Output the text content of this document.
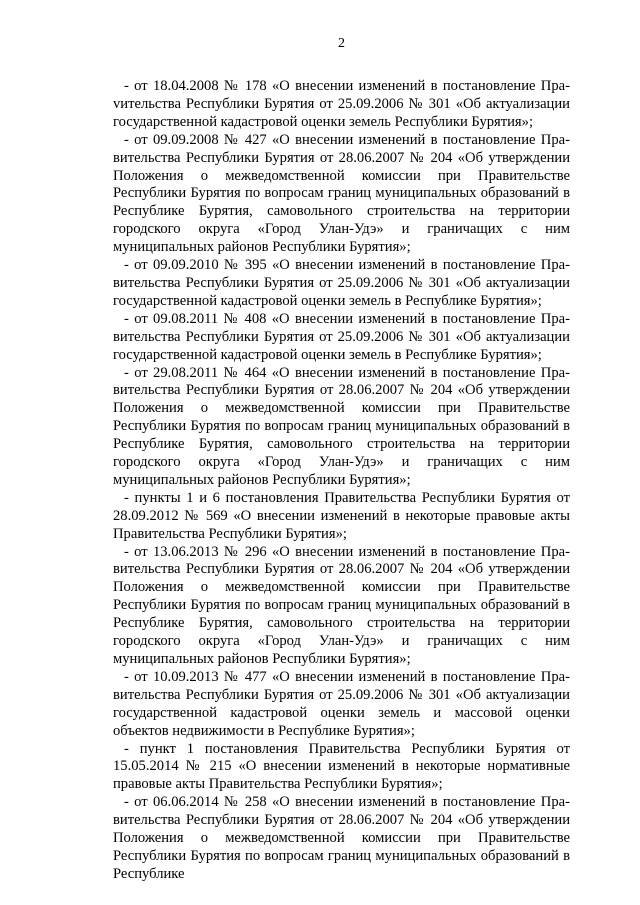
2

- от 18.04.2008 № 178 «О внесении изменений в постановление Праvительства Республики Бурятия от 25.09.2006 № 301 «Об актуализации государственной кадастровой оценки земель Республики Бурятия»;

- от 09.09.2008 № 427 «О внесении изменений в постановление Правительства Республики Бурятия от 28.06.2007 № 204 «Об утверждении Положения о межведомственной комиссии при Правительстве Республики Бурятия по вопросам границ муниципальных образований в Республике Бурятия, самовольного строительства на территории городского округа «Город Улан-Удэ» и граничащих с ним муниципальных районов Республики Бурятия»;

- от 09.09.2010 № 395 «О внесении изменений в постановление Правительства Республики Бурятия от 25.09.2006 № 301 «Об актуализации государственной кадастровой оценки земель в Республике Бурятия»;

- от 09.08.2011 № 408 «О внесении изменений в постановление Правительства Республики Бурятия от 25.09.2006 № 301 «Об актуализации государственной кадастровой оценки земель в Республике Бурятия»;

- от 29.08.2011 № 464 «О внесении изменений в постановление Правительства Республики Бурятия от 28.06.2007 № 204 «Об утверждении Положения о межведомственной комиссии при Правительстве Республики Бурятия по вопросам границ муниципальных образований в Республике Бурятия, самовольного строительства на территории городского округа «Город Улан-Удэ» и граничащих с ним муниципальных районов Республики Бурятия»;

- пункты 1 и 6 постановления Правительства Республики Бурятия от 28.09.2012 № 569 «О внесении изменений в некоторые правовые акты Правительства Республики Бурятия»;

- от 13.06.2013 № 296 «О внесении изменений в постановление Правительства Республики Бурятия от 28.06.2007 № 204 «Об утверждении Положения о межведомственной комиссии при Правительстве Республики Бурятия по вопросам границ муниципальных образований в Республике Бурятия, самовольного строительства на территории городского округа «Город Улан-Удэ» и граничащих с ним муниципальных районов Республики Бурятия»;

- от 10.09.2013 № 477 «О внесении изменений в постановление Правительства Республики Бурятия от 25.09.2006 № 301 «Об актуализации государственной кадастровой оценки земель и массовой оценки объектов недвижимости в Республике Бурятия»;

- пункт 1 постановления Правительства Республики Бурятия от 15.05.2014 № 215 «О внесении изменений в некоторые нормативные правовые акты Правительства Республики Бурятия»;

- от 06.06.2014 № 258 «О внесении изменений в постановление Правительства Республики Бурятия от 28.06.2007 № 204 «Об утверждении Положения о межведомственной комиссии при Правительстве Республики Бурятия по вопросам границ муниципальных образований в Республике
